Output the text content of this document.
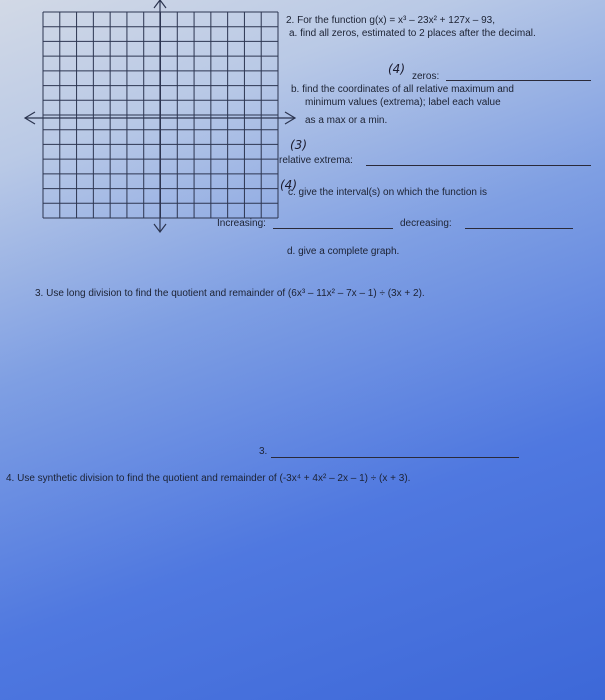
2. For the function g(x) = x³ – 23x² + 127x – 93,
a. find all zeros, estimated to 2 places after the decimal.
(4)
zeros:
b. find the coordinates of all relative maximum and
minimum values (extrema); label each value
as a max or a min.
(3)
relative extrema:
(4)
c. give the interval(s) on which the function is
Increasing:	decreasing:
d. give a complete graph.
3. Use long division to find the quotient and remainder of (6x³ – 11x² – 7x – 1) ÷ (3x + 2).
3.
4. Use synthetic division to find the quotient and remainder of (-3x⁴ + 4x² – 2x – 1) ÷ (x + 3).
